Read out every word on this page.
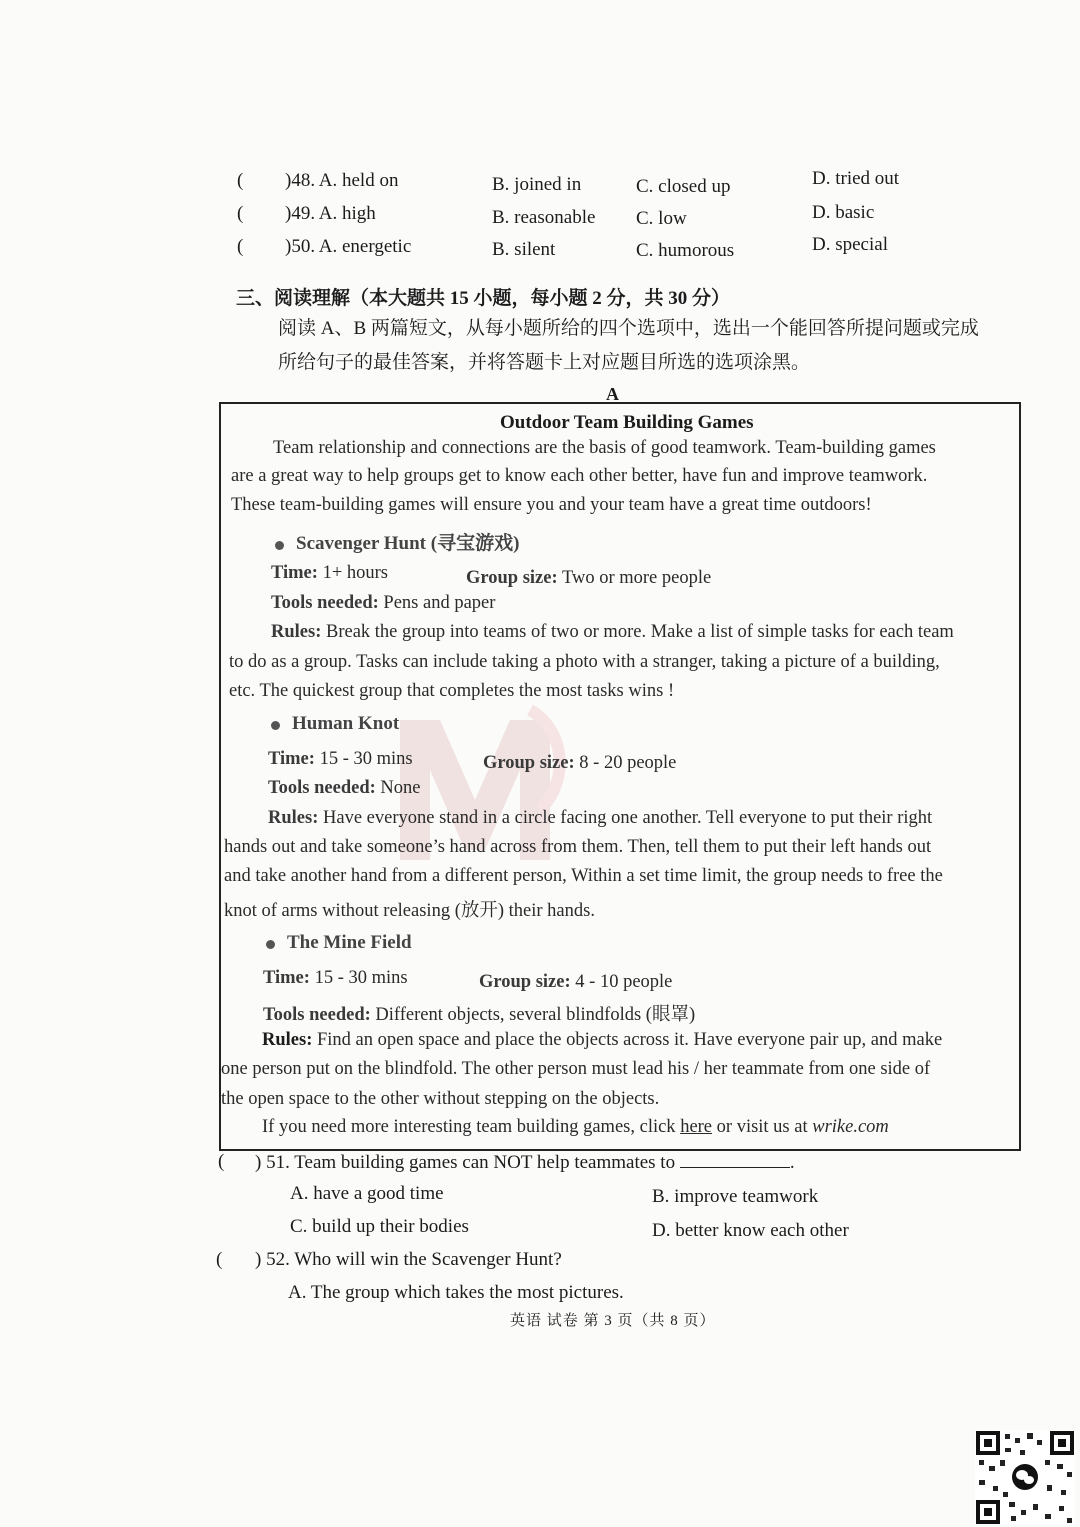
( )48. A. held on	B. joined in	C. closed up	D. tried out
( )49. A. high	B. reasonable C. low	D. basic
( )50. A. energetic	B. silent	C. humorous	D. special
三、阅读理解（本大题共 15 小题，每小题 2 分，共 30 分）
阅读 A、B 两篇短文，从每小题所给的四个选项中，选出一个能回答所提问题或完成
所给句子的最佳答案，并将答题卡上对应题目所选的选项涂黑。
A
Outdoor Team Building Games
Team relationship and connections are the basis of good teamwork. Team-building games
are a great way to help groups get to know each other better, have fun and improve teamwork.
These team-building games will ensure you and your team have a great time outdoors!
Scavenger Hunt (寻宝游戏)
Time: 1+ hours	Group size: Two or more people
Tools needed: Pens and paper
Rules: Break the group into teams of two or more. Make a list of simple tasks for each team
to do as a group. Tasks can include taking a photo with a stranger, taking a picture of a building,
etc. The quickest group that completes the most tasks wins !
Human Knot
Time: 15 - 30 mins	Group size: 8 - 20 people
Tools needed: None
Rules: Have everyone stand in a circle facing one another. Tell everyone to put their right
hands out and take someone’s hand across from them. Then, tell them to put their left hands out
and take another hand from a different person, Within a set time limit, the group needs to free the
knot of arms without releasing (放开) their hands.
The Mine Field
Time: 15 - 30 mins	Group size: 4 - 10 people
Tools needed: Different objects, several blindfolds (眼罩)
Rules: Find an open space and place the objects across it. Have everyone pair up, and make
one person put on the blindfold. The other person must lead his / her teammate from one side of
the open space to the other without stepping on the objects.
If you need more interesting team building games, click here or visit us at wrike.com
( ) 51. Team building games can NOT help teammates to	.
A. have a good time	B. improve teamwork
C. build up their bodies	D. better know each other
( ) 52. Who will win the Scavenger Hunt?
A. The group which takes the most pictures.
英语 试卷 第 3 页（共 8 页）
